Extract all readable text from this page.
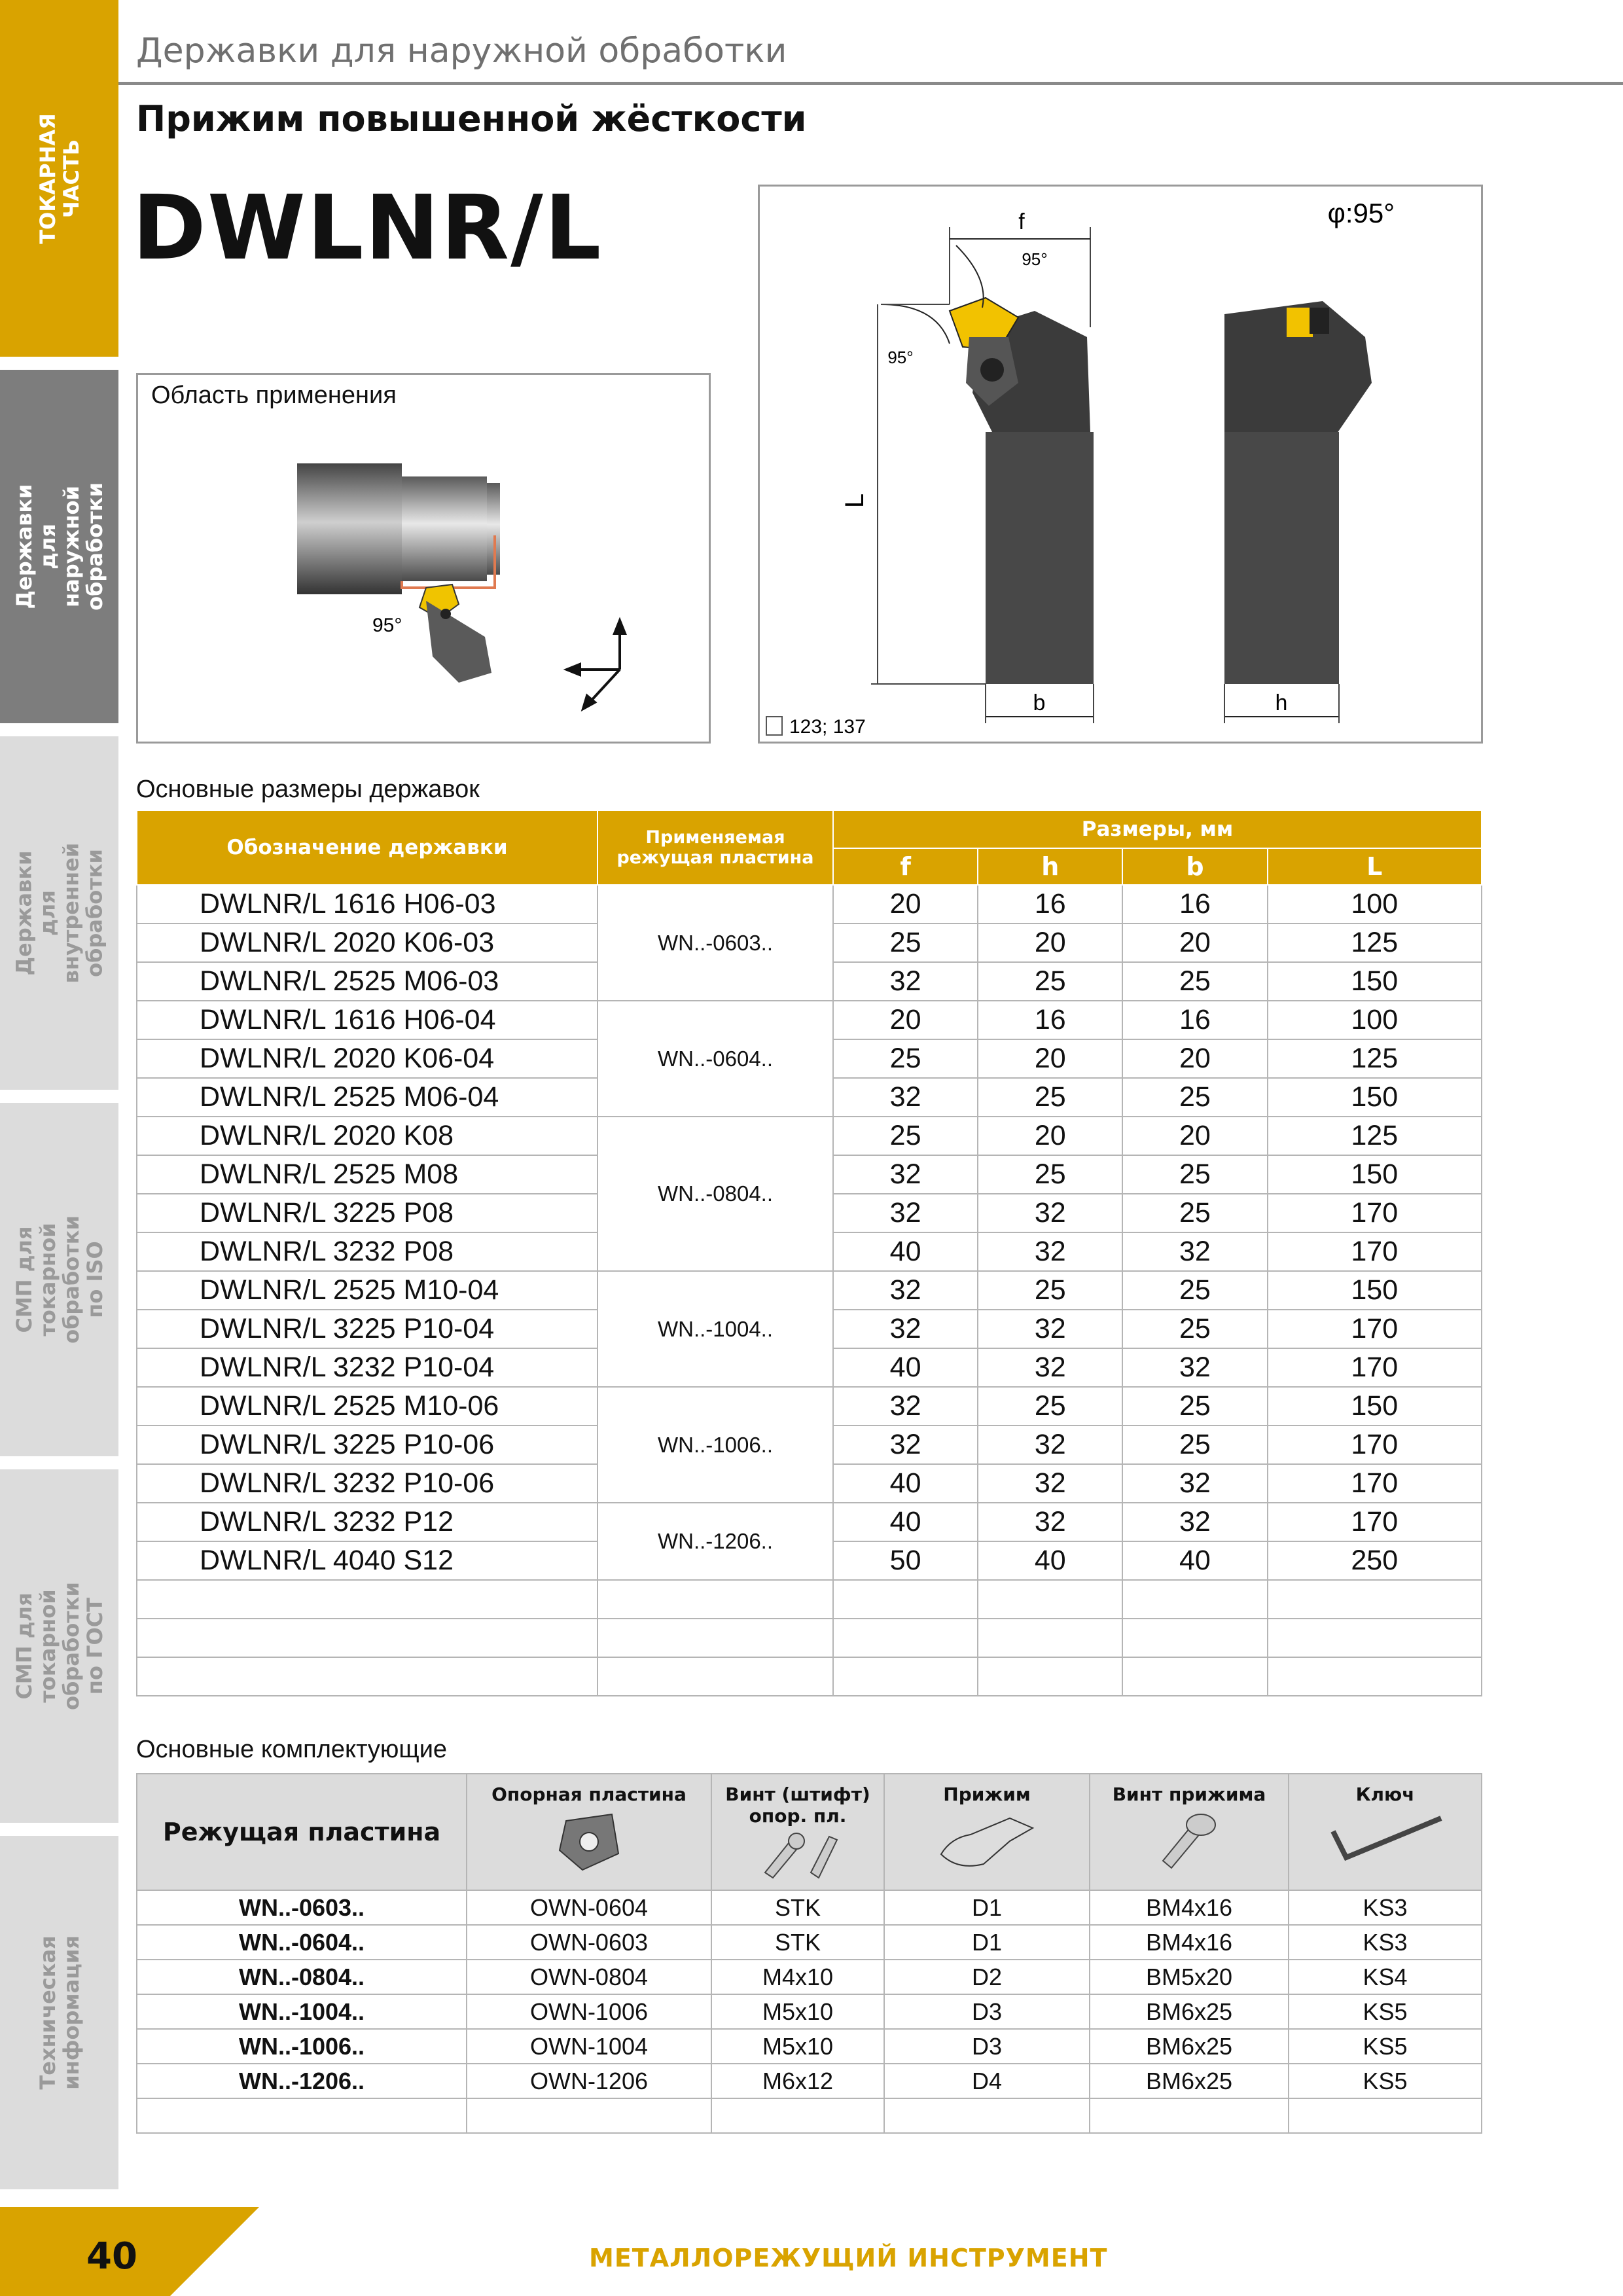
ТОКАРНАЯ
ЧАСТЬ
Державки для
наружной обработки
Державки для
внутренней обработки
СМП для токарной
обработки по ISO
СМП для токарной
обработки по ГОСТ
Техническая
информация
Державки для наружной обработки
Прижим повышенной жёсткости
DWLNR/L
Область применения
95°
φ:95°
f
95°
95°
L
b	h
123; 137
Основные размеры державок
Обозначение державки	Применяемая
режущая пластина	Размеры, мм			
		f	h	b	L
DWLNR/L 1616 H06-03	WN..-0603..	20	16	16	100
DWLNR/L 2020 K06-03		25	20	20	125
DWLNR/L 2525 M06-03		32	25	25	150
DWLNR/L 1616 H06-04	WN..-0604..	20	16	16	100
DWLNR/L 2020 K06-04		25	20	20	125
DWLNR/L 2525 M06-04		32	25	25	150
DWLNR/L 2020 K08	WN..-0804..	25	20	20	125
DWLNR/L 2525 M08		32	25	25	150
DWLNR/L 3225 P08		32	32	25	170
DWLNR/L 3232 P08		40	32	32	170
DWLNR/L 2525 M10-04	WN..-1004..	32	25	25	150
DWLNR/L 3225 P10-04		32	32	25	170
DWLNR/L 3232 P10-04		40	32	32	170
DWLNR/L 2525 M10-06	WN..-1006..	32	25	25	150
DWLNR/L 3225 P10-06		32	32	25	170
DWLNR/L 3232 P10-06		40	32	32	170
DWLNR/L 3232 P12	WN..-1206..	40	32	32	170
DWLNR/L 4040 S12		50	40	40	250

Основные комплектующие
Режущая пластина	Опорная пластина	Винт (штифт)
опор. пл.	Прижим	Винт прижима	Ключ

WN..-0603..	OWN-0604	STK	D1	BM4x16	KS3
WN..-0604..	OWN-0603	STK	D1	BM4x16	KS3
WN..-0804..	OWN-0804	M4x10	D2	BM5x20	KS4
WN..-1004..	OWN-1006	M5x10	D3	BM6x25	KS5
WN..-1006..	OWN-1004	M5x10	D3	BM6x25	KS5
WN..-1206..	OWN-1206	M6x12	D4	BM6x25	KS5

40	МЕТАЛЛОРЕЖУЩИЙ ИНСТРУМЕНТ
